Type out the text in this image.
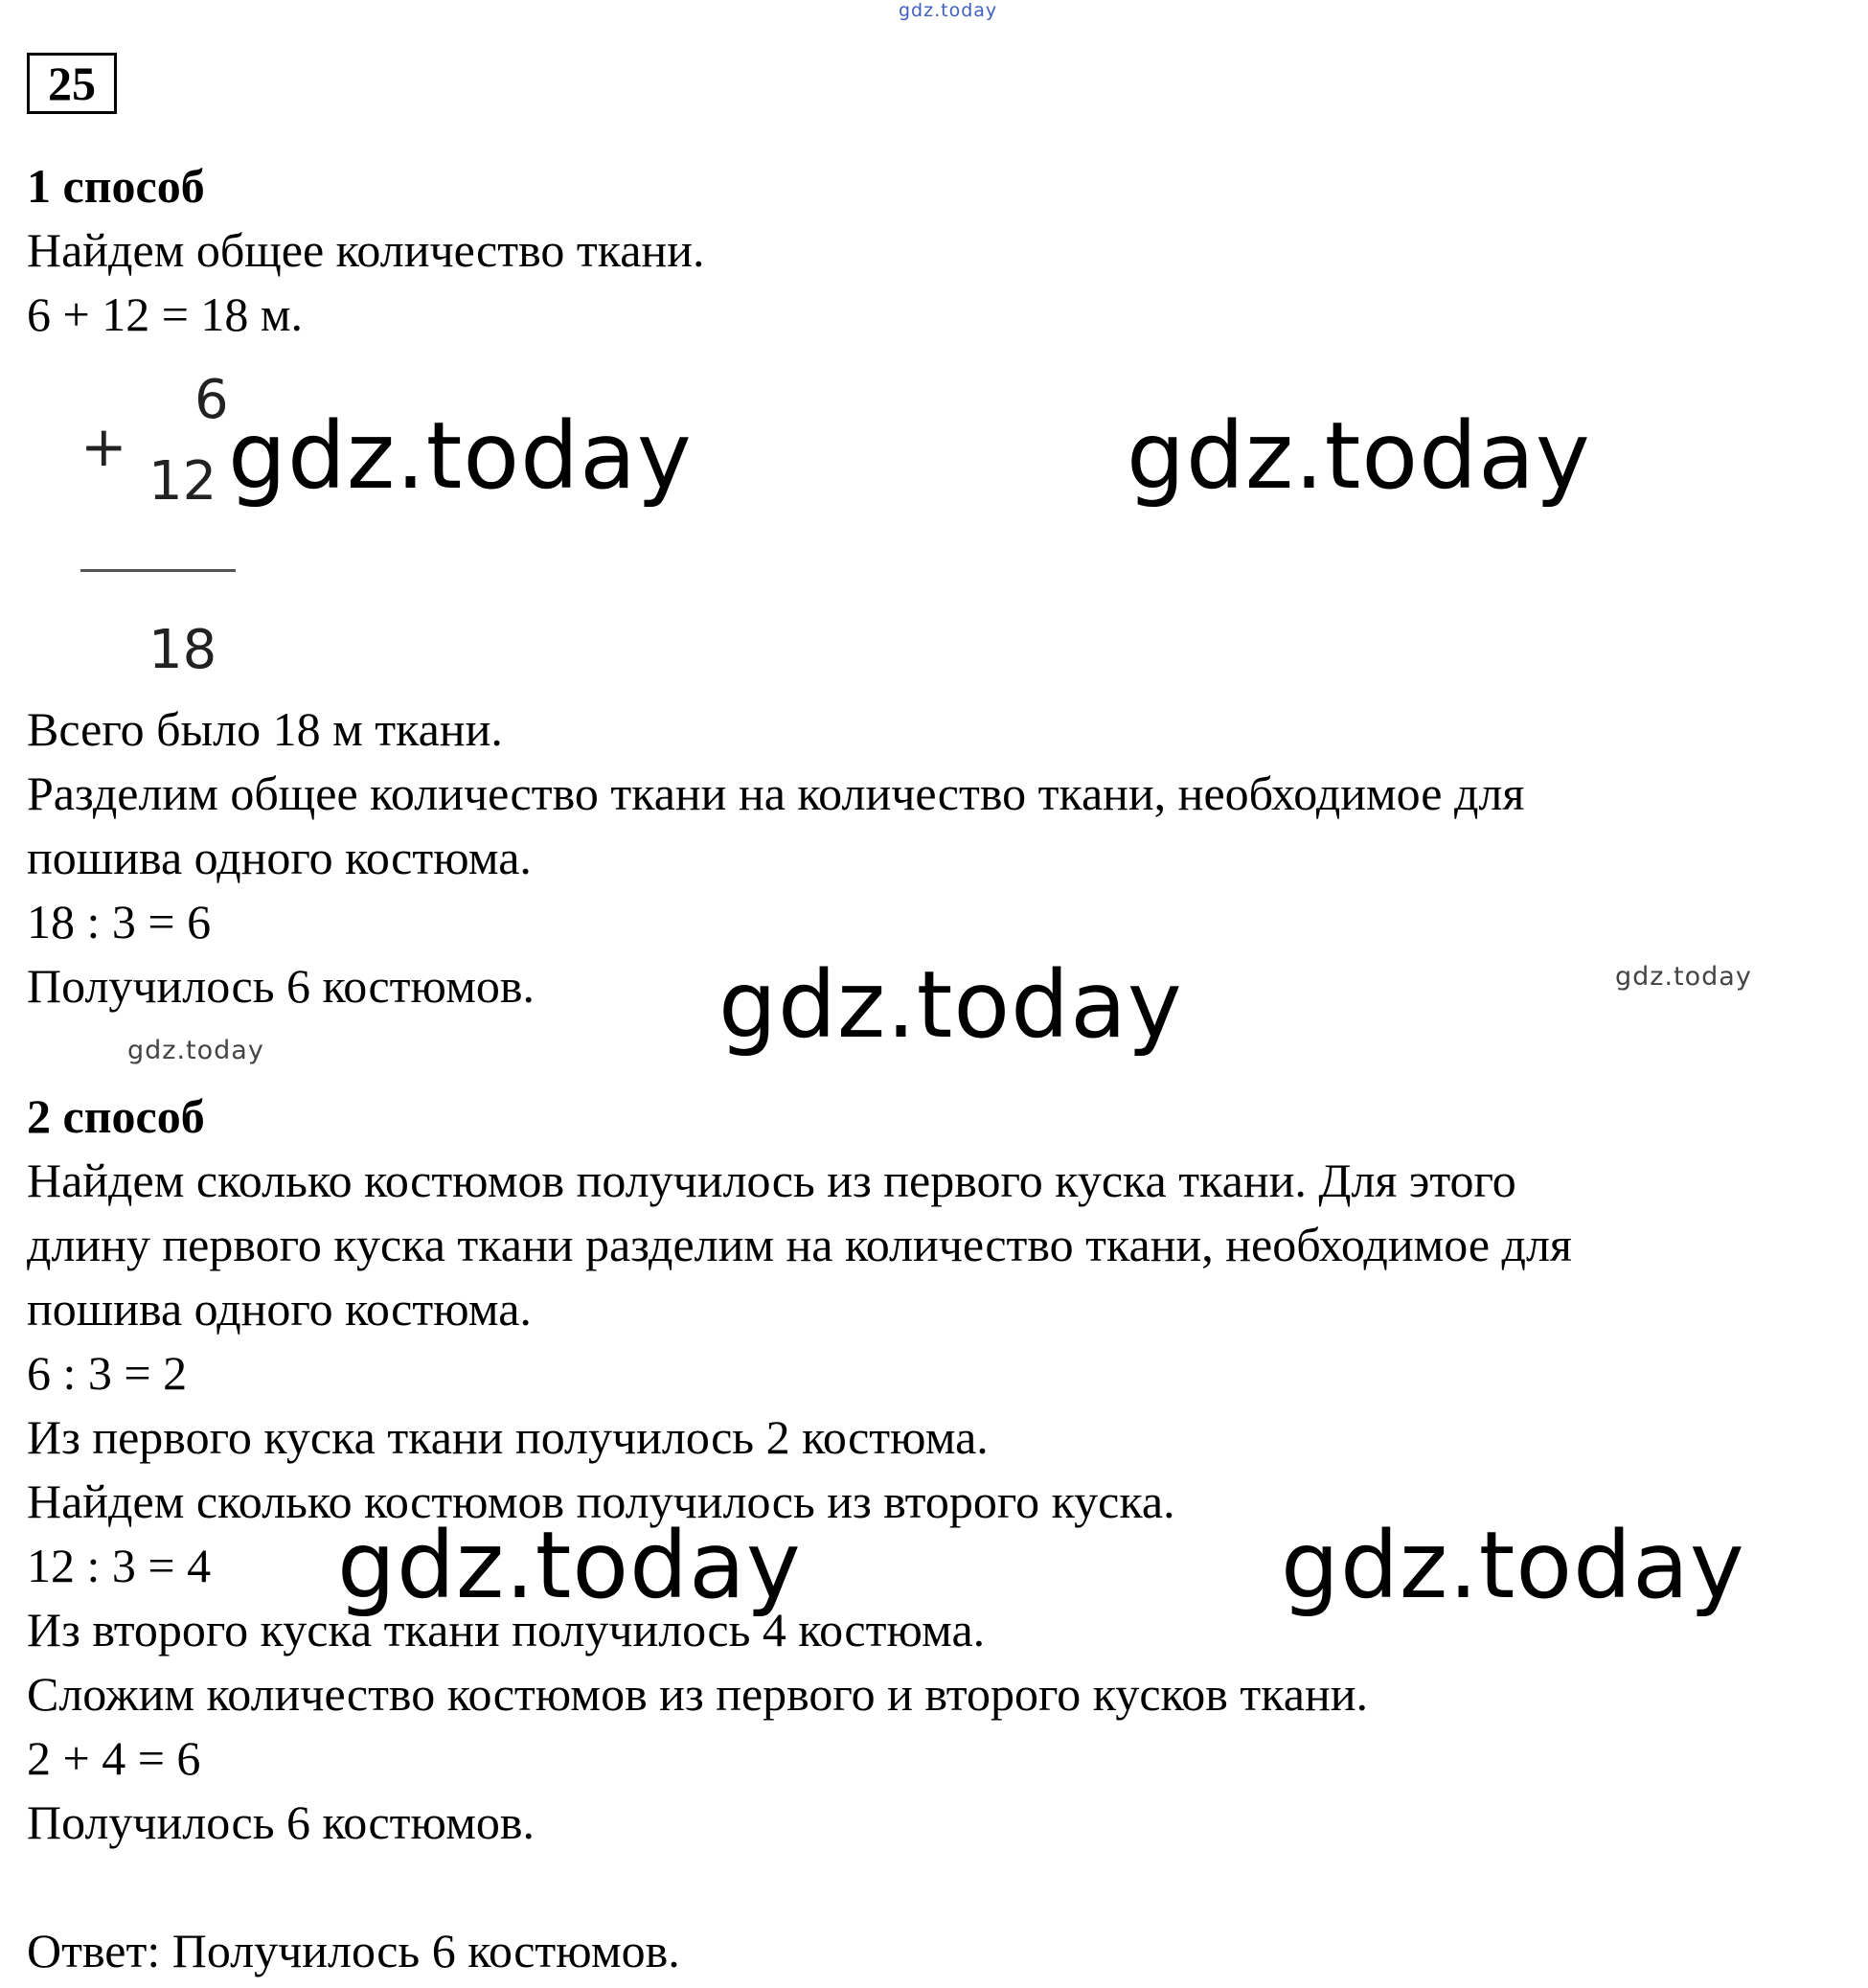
gdz.today
25
1 способ
Найдем общее количество ткани.
6 + 12 = 18 м.
6
+
12
18
Всего было 18 м ткани.
Разделим общее количество ткани на количество ткани, необходимое для
пошива одного костюма.
18 : 3 = 6
Получилось 6 костюмов.
2 способ
Найдем сколько костюмов получилось из первого куска ткани. Для этого
длину первого куска ткани разделим на количество ткани, необходимое для
пошива одного костюма.
6 : 3 = 2
Из первого куска ткани получилось 2 костюма.
Найдем сколько костюмов получилось из второго куска.
12 : 3 = 4
Из второго куска ткани получилось 4 костюма.
Сложим количество костюмов из первого и второго кусков ткани.
2 + 4 = 6
Получилось 6 костюмов.
Ответ: Получилось 6 костюмов.
gdz.today	gdz.today
gdz.today	gdz.today
gdz.today
gdz.today	gdz.today
